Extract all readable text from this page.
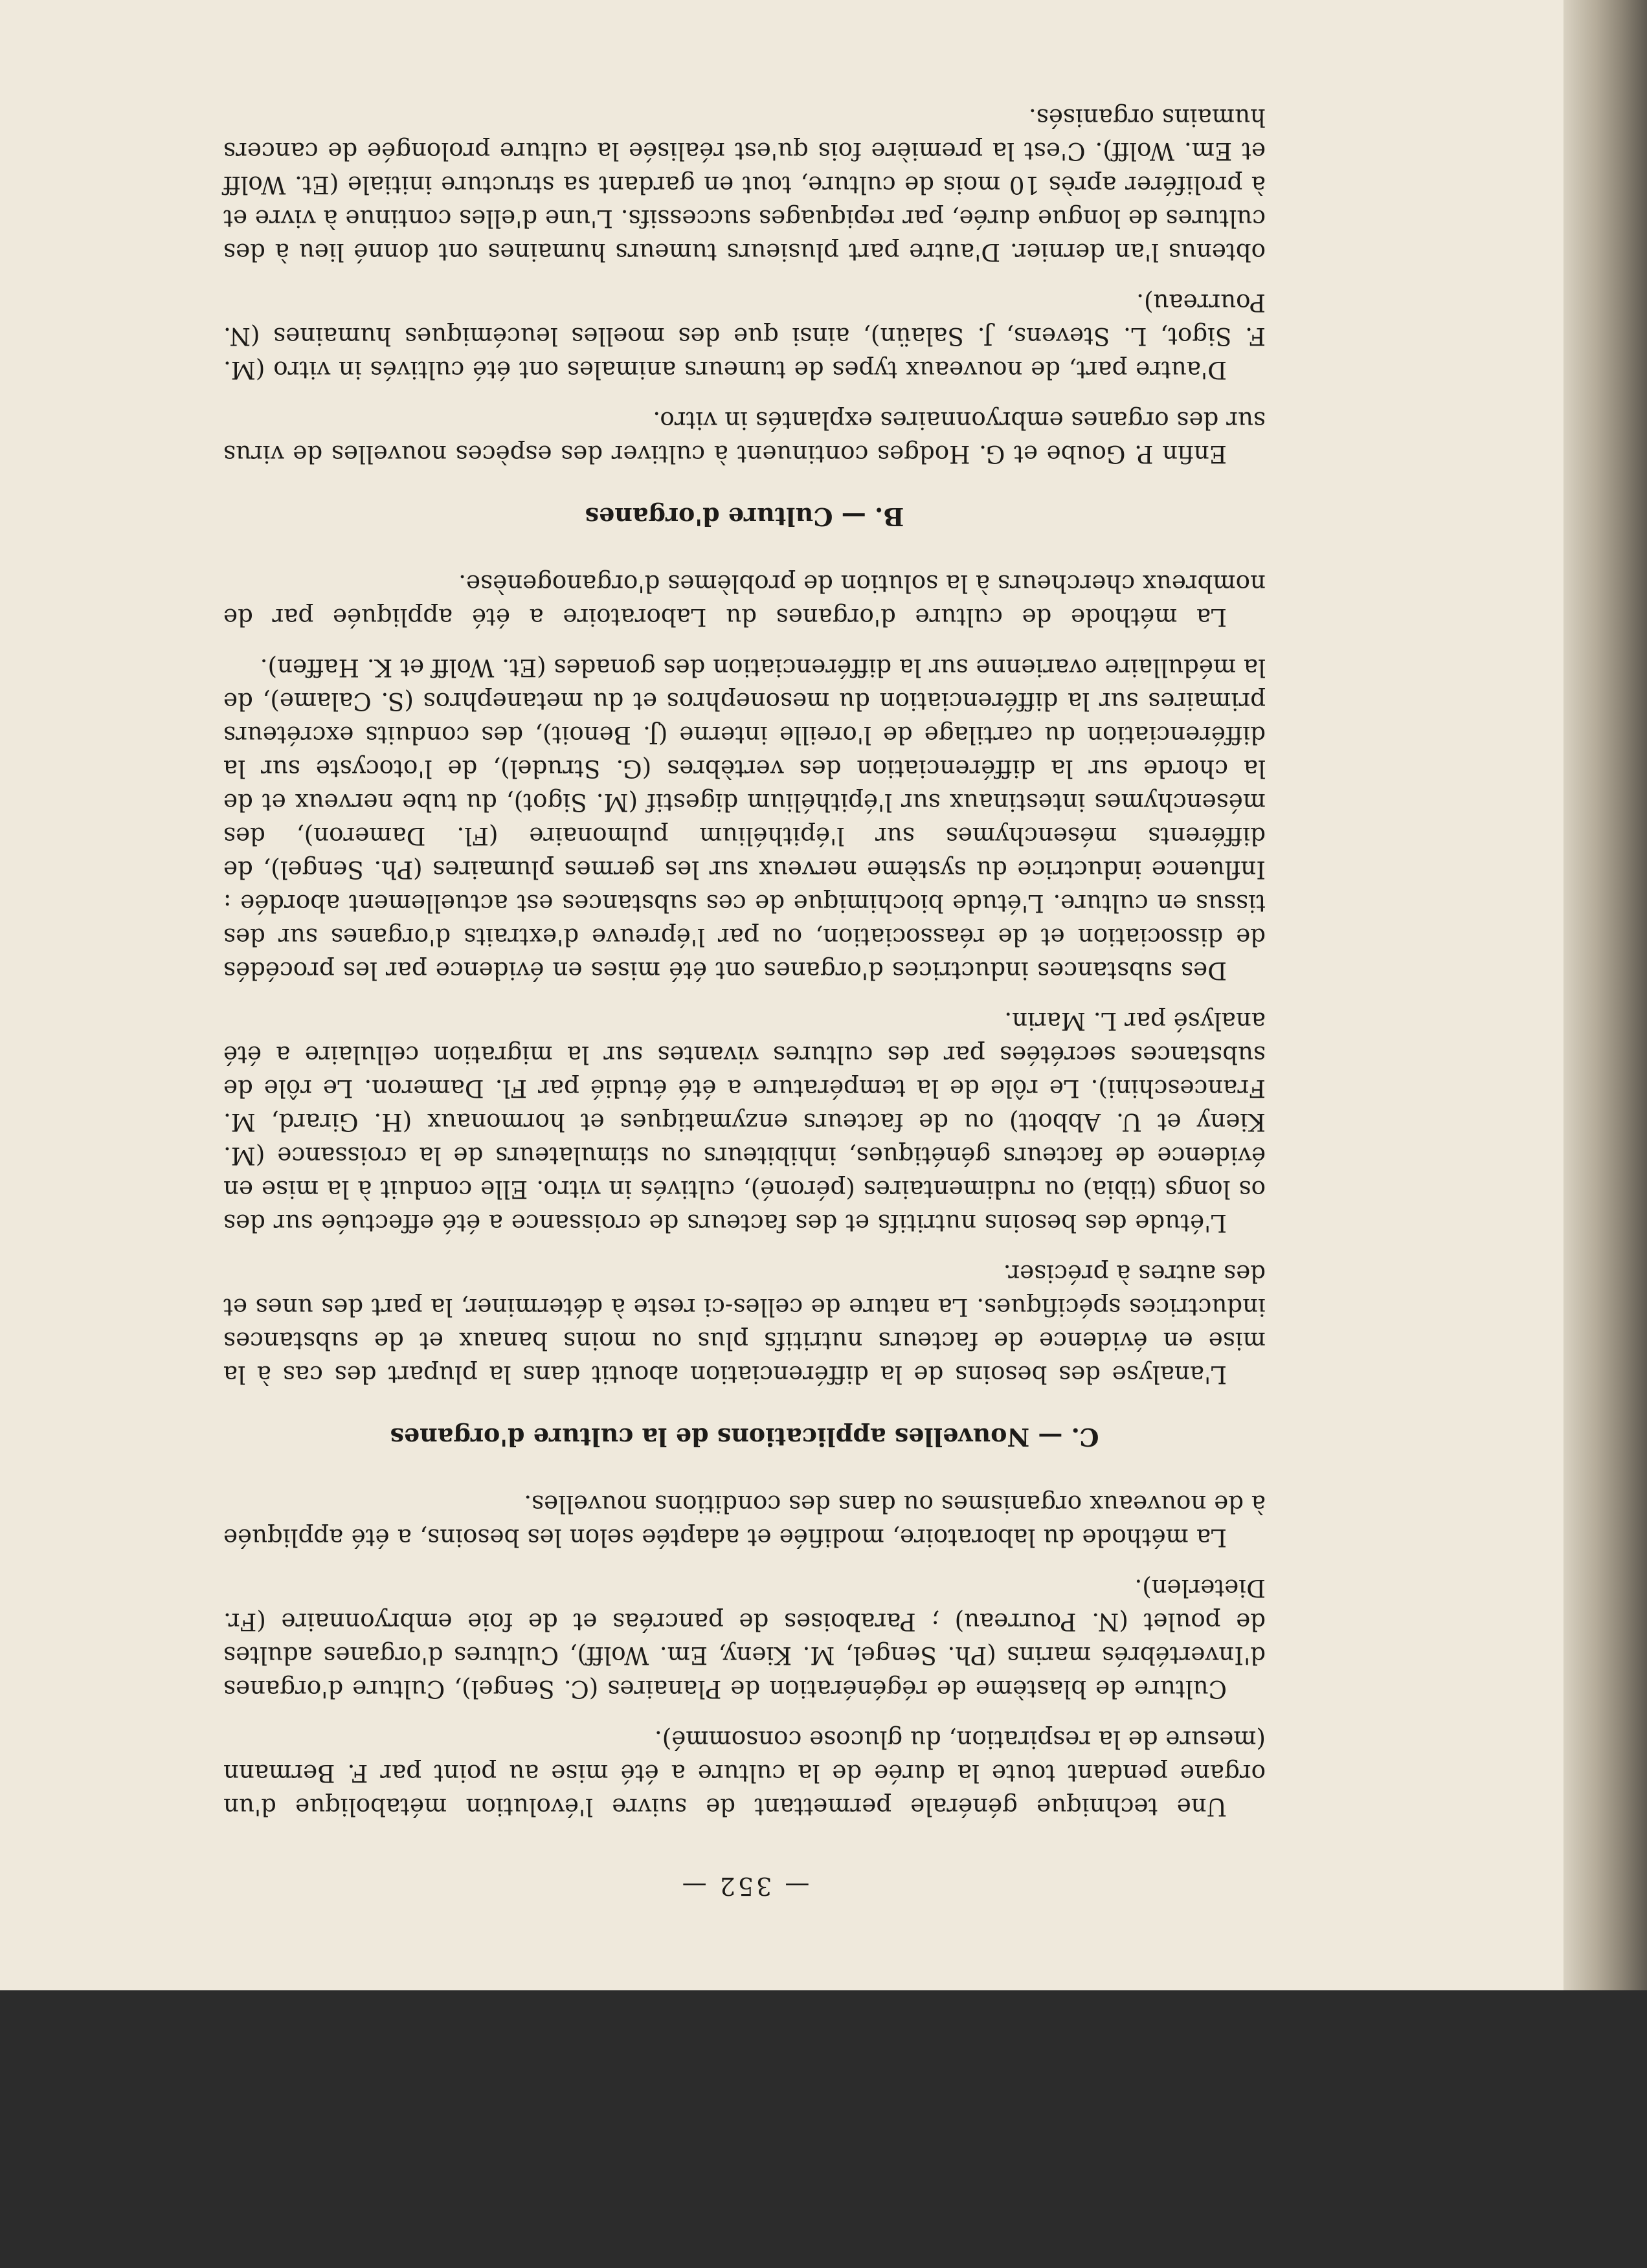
— 352 —

Une technique générale permettant de suivre l'évolution métabolique d'un organe pendant toute la durée de la culture a été mise au point par F. Bermann (mesure de la respiration, du glucose consommé).

Culture de blastème de régénération de Planaires (C. Sengel), Culture d'organes d'Invertébrés marins (Ph. Sengel, M. Kieny, Em. Wolff), Cultures d'organes adultes de poulet (N. Pourreau) ; Paraboises de pancréas et de foie embryonnaire (Fr. Dieterlen).

La méthode du laboratoire, modifiée et adaptée selon les besoins, a été appliquée à de nouveaux organismes ou dans des conditions nouvelles.

C. — Nouvelles applications de la culture d'organes

L'analyse des besoins de la différenciation aboutit dans la plupart des cas à la mise en évidence de facteurs nutritifs plus ou moins banaux et de substances inductrices spécifiques. La nature de celles-ci reste à déterminer, la part des unes et des autres à préciser.

L'étude des besoins nutritifs et des facteurs de croissance a été effectuée sur des os longs (tibia) ou rudimentaires (péroné), cultivés in vitro. Elle conduit à la mise en évidence de facteurs génétiques, inhibiteurs ou stimulateurs de la croissance (M. Kieny et U. Abbott) ou de facteurs enzymatiques et hormonaux (H. Girard, M. Franceschini). Le rôle de la température a été étudié par Fl. Dameron. Le rôle de substances secrétées par des cultures vivantes sur la migration cellulaire a été analysé par L. Marin.

Des substances inductrices d'organes ont été mises en évidence par les procédés de dissociation et de réassociation, ou par l'épreuve d'extraits d'organes sur des tissus en culture. L'étude biochimique de ces substances est actuellement abordée : Influence inductrice du système nerveux sur les germes plumaires (Ph. Sengel), de différents mésenchymes sur l'épithélium pulmonaire (Fl. Dameron), des mésenchymes intestinaux sur l'épithélium digestif (M. Sigot), du tube nerveux et de la chorde sur la différenciation des vertèbres (G. Strudel), de l'otocyste sur la différenciation du cartilage de l'oreille interne (J. Benoit), des conduits excréteurs primaires sur la différenciation du mesonephros et du metanephros (S. Calame), de la médullaire ovarienne sur la différenciation des gonades (Et. Wolff et K. Haffen).

La méthode de culture d'organes du Laboratoire a été appliquée par de nombreux chercheurs à la solution de problèmes d'organogenèse.

B. — Culture d'organes

Enfin P. Goube et G. Hodges continuent à cultiver des espèces nouvelles de virus sur des organes embryonnaires explantés in vitro.

D'autre part, de nouveaux types de tumeurs animales ont été cultivés in vitro (M. F. Sigot, L. Stevens, J. Salaün), ainsi que des moelles leucémiques humaines (N. Pourreau).

obtenus l'an dernier. D'autre part plusieurs tumeurs humaines ont donné lieu à des cultures de longue durée, par repiquages successifs. L'une d'elles continue à vivre et à proliférer après 10 mois de culture, tout en gardant sa structure initiale (Et. Wolff et Em. Wolff). C'est la première fois qu'est réalisée la culture prolongée de cancers humains organisés.
